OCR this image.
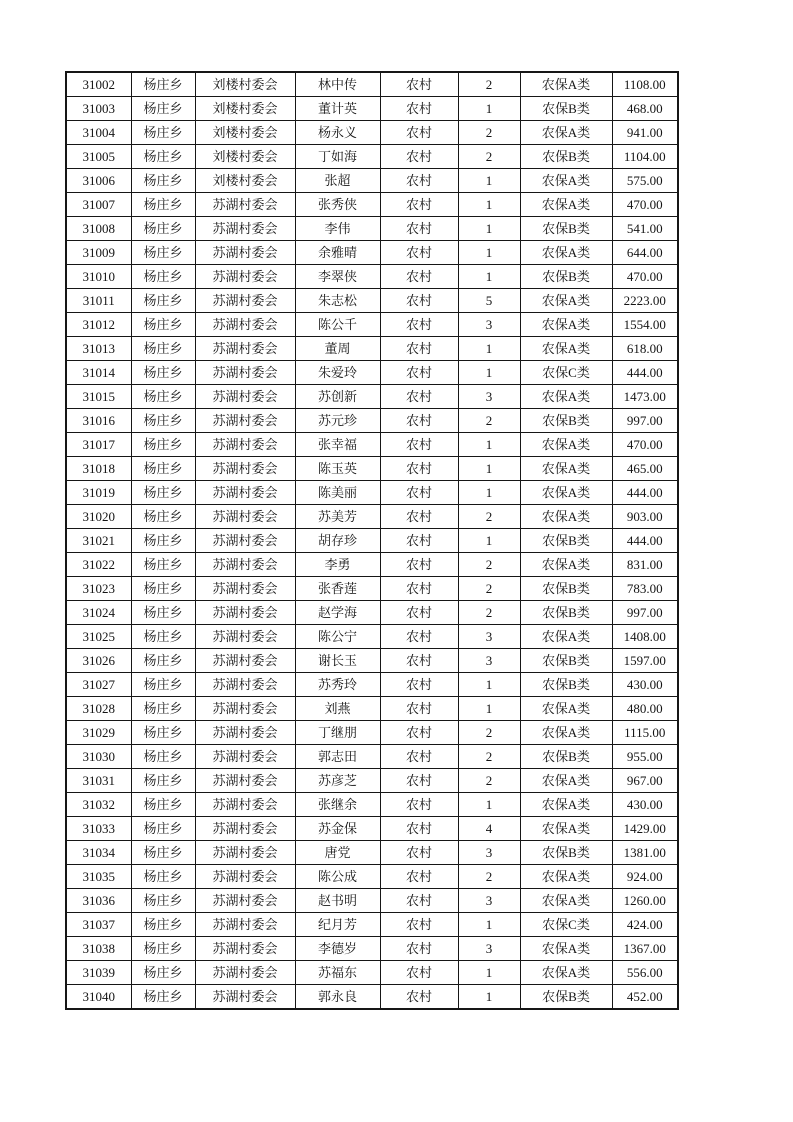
31002	杨庄乡	刘楼村委会	林中传	农村	2	农保A类	1108.00
31003	杨庄乡	刘楼村委会	董计英	农村	1	农保B类	468.00
31004	杨庄乡	刘楼村委会	杨永义	农村	2	农保A类	941.00
31005	杨庄乡	刘楼村委会	丁如海	农村	2	农保B类	1104.00
31006	杨庄乡	刘楼村委会	张超	农村	1	农保A类	575.00
31007	杨庄乡	苏湖村委会	张秀侠	农村	1	农保A类	470.00
31008	杨庄乡	苏湖村委会	李伟	农村	1	农保B类	541.00
31009	杨庄乡	苏湖村委会	余雅晴	农村	1	农保A类	644.00
31010	杨庄乡	苏湖村委会	李翠侠	农村	1	农保B类	470.00
31011	杨庄乡	苏湖村委会	朱志松	农村	5	农保A类	2223.00
31012	杨庄乡	苏湖村委会	陈公千	农村	3	农保A类	1554.00
31013	杨庄乡	苏湖村委会	董周	农村	1	农保A类	618.00
31014	杨庄乡	苏湖村委会	朱爱玲	农村	1	农保C类	444.00
31015	杨庄乡	苏湖村委会	苏创新	农村	3	农保A类	1473.00
31016	杨庄乡	苏湖村委会	苏元珍	农村	2	农保B类	997.00
31017	杨庄乡	苏湖村委会	张幸福	农村	1	农保A类	470.00
31018	杨庄乡	苏湖村委会	陈玉英	农村	1	农保A类	465.00
31019	杨庄乡	苏湖村委会	陈美丽	农村	1	农保A类	444.00
31020	杨庄乡	苏湖村委会	苏美芳	农村	2	农保A类	903.00
31021	杨庄乡	苏湖村委会	胡存珍	农村	1	农保B类	444.00
31022	杨庄乡	苏湖村委会	李勇	农村	2	农保A类	831.00
31023	杨庄乡	苏湖村委会	张香莲	农村	2	农保B类	783.00
31024	杨庄乡	苏湖村委会	赵学海	农村	2	农保B类	997.00
31025	杨庄乡	苏湖村委会	陈公宁	农村	3	农保A类	1408.00
31026	杨庄乡	苏湖村委会	谢长玉	农村	3	农保B类	1597.00
31027	杨庄乡	苏湖村委会	苏秀玲	农村	1	农保B类	430.00
31028	杨庄乡	苏湖村委会	刘燕	农村	1	农保A类	480.00
31029	杨庄乡	苏湖村委会	丁继朋	农村	2	农保A类	1115.00
31030	杨庄乡	苏湖村委会	郭志田	农村	2	农保B类	955.00
31031	杨庄乡	苏湖村委会	苏彦芝	农村	2	农保A类	967.00
31032	杨庄乡	苏湖村委会	张继余	农村	1	农保A类	430.00
31033	杨庄乡	苏湖村委会	苏金保	农村	4	农保A类	1429.00
31034	杨庄乡	苏湖村委会	唐党	农村	3	农保B类	1381.00
31035	杨庄乡	苏湖村委会	陈公成	农村	2	农保A类	924.00
31036	杨庄乡	苏湖村委会	赵书明	农村	3	农保A类	1260.00
31037	杨庄乡	苏湖村委会	纪月芳	农村	1	农保C类	424.00
31038	杨庄乡	苏湖村委会	李德岁	农村	3	农保A类	1367.00
31039	杨庄乡	苏湖村委会	苏福东	农村	1	农保A类	556.00
31040	杨庄乡	苏湖村委会	郭永良	农村	1	农保B类	452.00
